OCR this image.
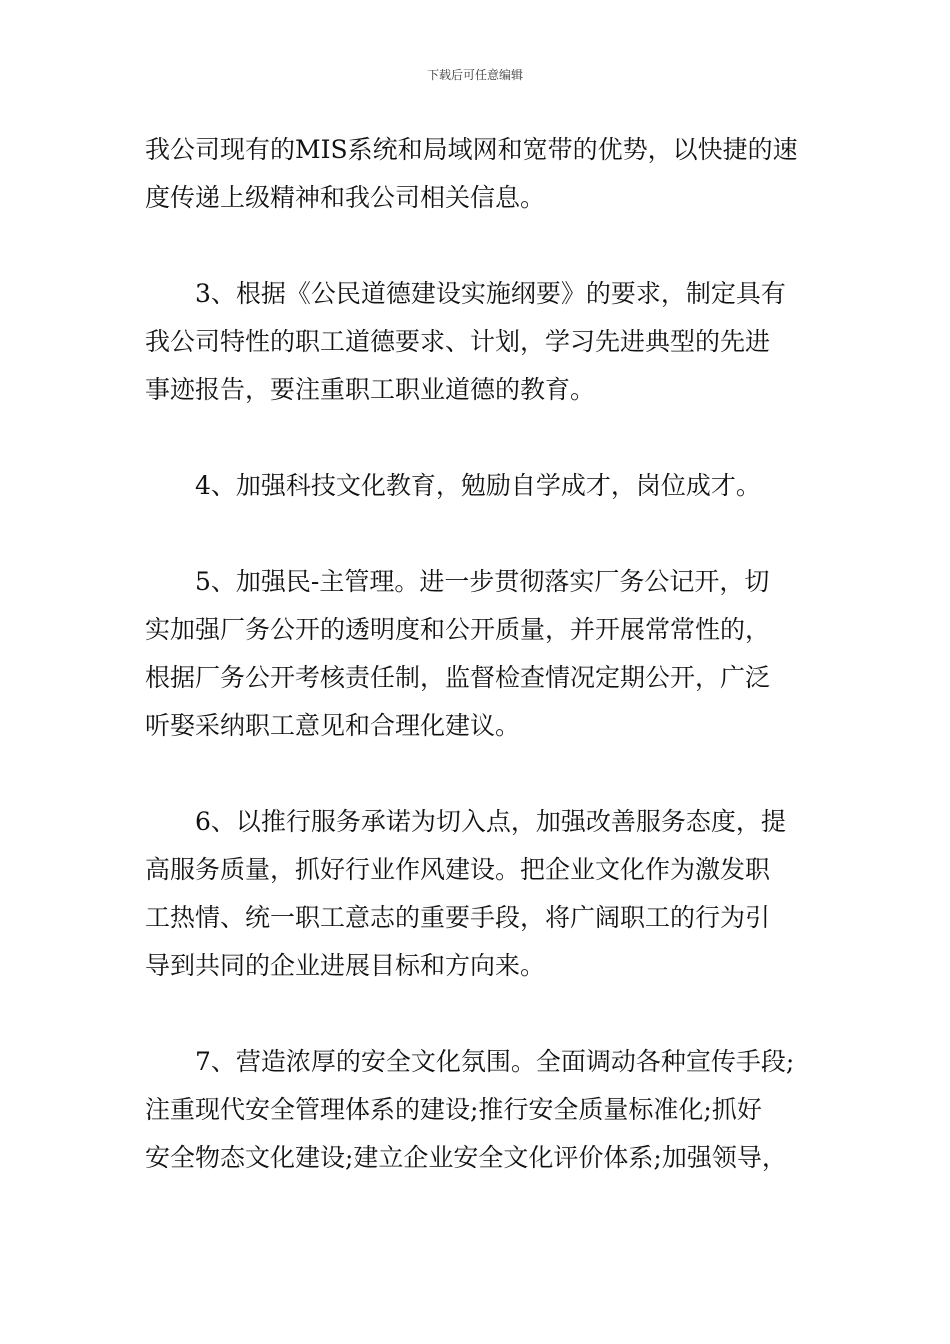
下载后可任意编辑
我公司现有的MIS系统和局域网和宽带的优势，以快捷的速
度传递上级精神和我公司相关信息。
3、根据《公民道德建设实施纲要》的要求，制定具有
我公司特性的职工道德要求、计划，学习先进典型的先进
事迹报告，要注重职工职业道德的教育。
4、加强科技文化教育，勉励自学成才，岗位成才。
5、加强民-主管理。进一步贯彻落实厂务公记开，切
实加强厂务公开的透明度和公开质量，并开展常常性的，
根据厂务公开考核责任制，监督检查情况定期公开，广泛
听娶采纳职工意见和合理化建议。
6、以推行服务承诺为切入点，加强改善服务态度，提
高服务质量，抓好行业作风建设。把企业文化作为激发职
工热情、统一职工意志的重要手段，将广阔职工的行为引
导到共同的企业进展目标和方向来。
7、营造浓厚的安全文化氛围。全面调动各种宣传手段;
注重现代安全管理体系的建设;推行安全质量标准化;抓好
安全物态文化建设;建立企业安全文化评价体系;加强领导，
